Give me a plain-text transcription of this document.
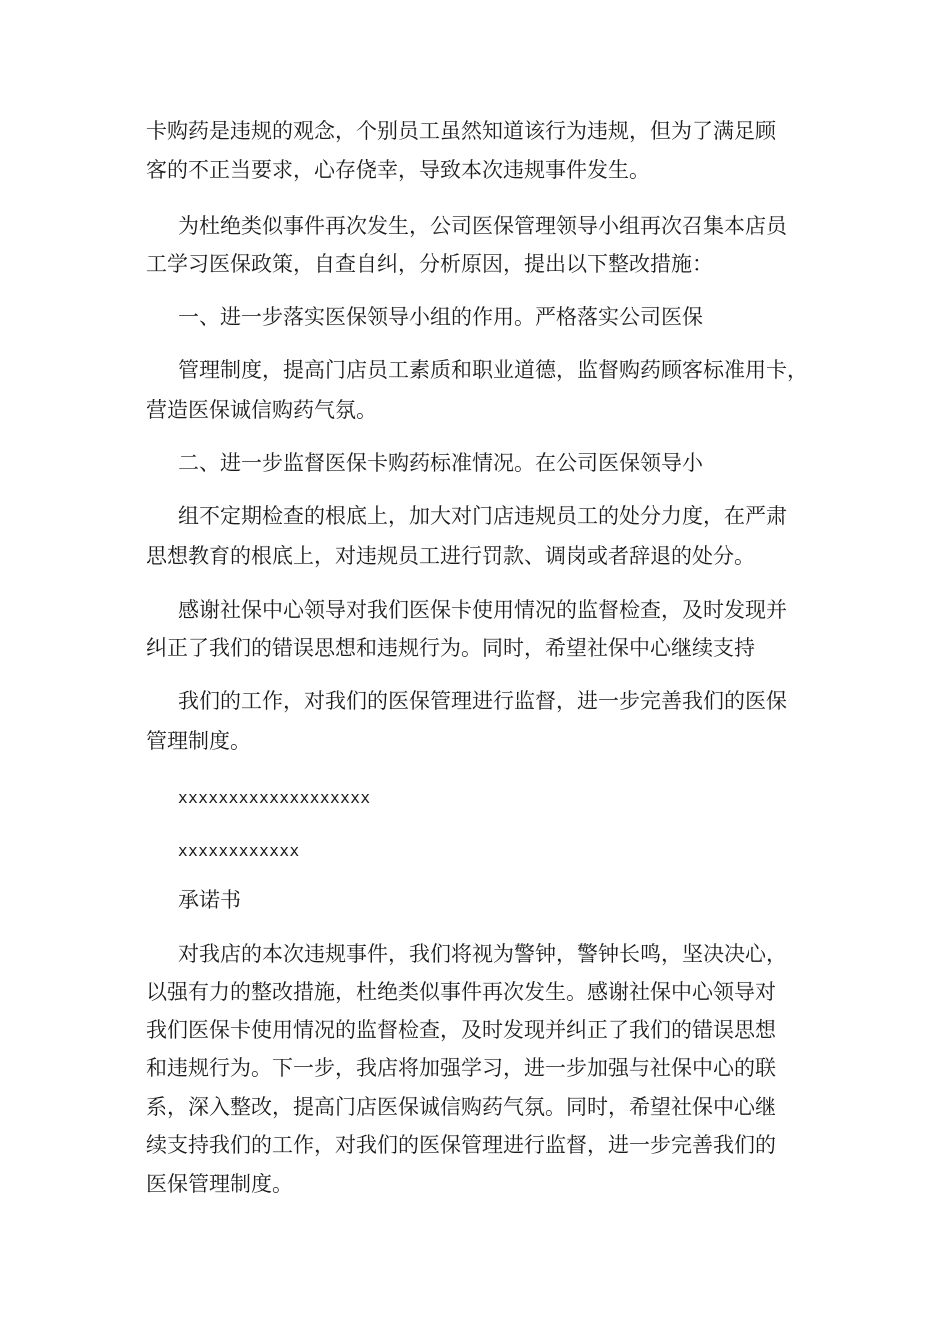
卡购药是违规的观念，个别员工虽然知道该行为违规，但为了满足顾
客的不正当要求，心存侥幸，导致本次违规事件发生。
为杜绝类似事件再次发生，公司医保管理领导小组再次召集本店员
工学习医保政策，自查自纠，分析原因，提出以下整改措施：
一、进一步落实医保领导小组的作用。严格落实公司医保
管理制度，提高门店员工素质和职业道德，监督购药顾客标准用卡，
营造医保诚信购药气氛。
二、进一步监督医保卡购药标准情况。在公司医保领导小
组不定期检查的根底上，加大对门店违规员工的处分力度，在严肃
思想教育的根底上，对违规员工进行罚款、调岗或者辞退的处分。
感谢社保中心领导对我们医保卡使用情况的监督检查，及时发现并
纠正了我们的错误思想和违规行为。同时，希望社保中心继续支持
我们的工作，对我们的医保管理进行监督，进一步完善我们的医保
管理制度。
xxxxxxxxxxxxxxxxxxx
xxxxxxxxxxxx
承诺书
对我店的本次违规事件，我们将视为警钟，警钟长鸣，坚决决心，
以强有力的整改措施，杜绝类似事件再次发生。感谢社保中心领导对
我们医保卡使用情况的监督检查，及时发现并纠正了我们的错误思想
和违规行为。下一步，我店将加强学习，进一步加强与社保中心的联
系，深入整改，提高门店医保诚信购药气氛。同时，希望社保中心继
续支持我们的工作，对我们的医保管理进行监督，进一步完善我们的
医保管理制度。
